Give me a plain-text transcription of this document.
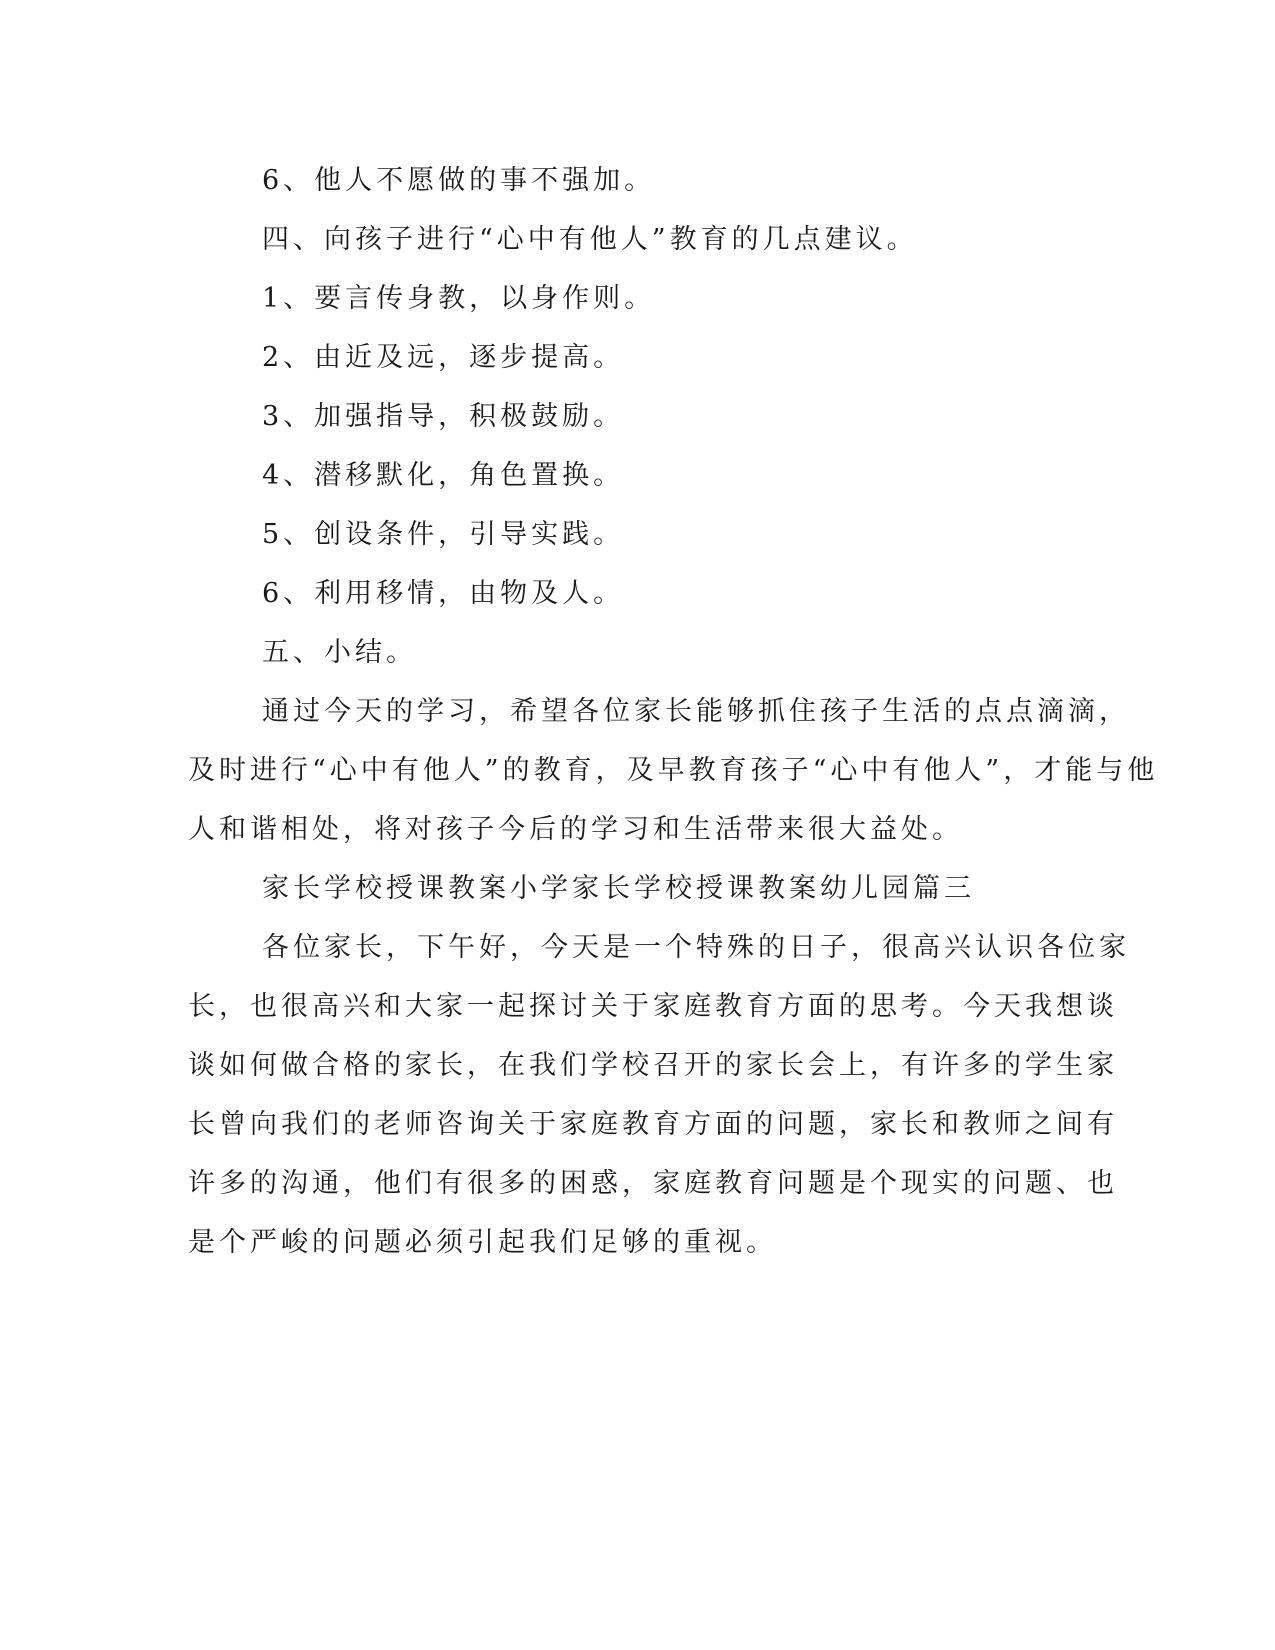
6、他人不愿做的事不强加。
四、向孩子进行“心中有他人”教育的几点建议。
1、要言传身教，以身作则。
2、由近及远，逐步提高。
3、加强指导，积极鼓励。
4、潜移默化，角色置换。
5、创设条件，引导实践。
6、利用移情，由物及人。
五、小结。
通过今天的学习，希望各位家长能够抓住孩子生活的点点滴滴，
及时进行“心中有他人”的教育，及早教育孩子“心中有他人”，才能与他
人和谐相处，将对孩子今后的学习和生活带来很大益处。
家长学校授课教案小学家长学校授课教案幼儿园篇三
各位家长，下午好，今天是一个特殊的日子，很高兴认识各位家
长，也很高兴和大家一起探讨关于家庭教育方面的思考。今天我想谈
谈如何做合格的家长，在我们学校召开的家长会上，有许多的学生家
长曾向我们的老师咨询关于家庭教育方面的问题，家长和教师之间有
许多的沟通，他们有很多的困惑，家庭教育问题是个现实的问题、也
是个严峻的问题必须引起我们足够的重视。
